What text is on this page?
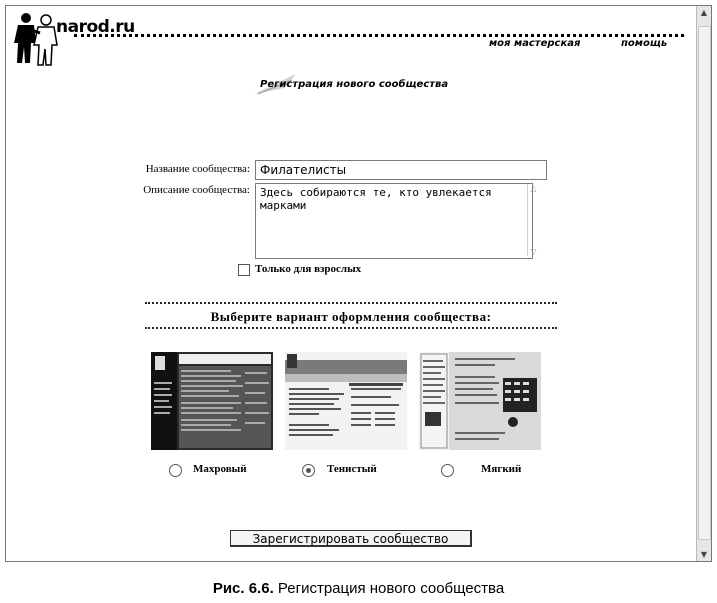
narod.ru
моя мастерская	помощь
Регистрация нового сообщества
Название сообщества:
Филателисты
Описание сообщества:
Здесь собираются те, кто увлекается марками	△
▽
Только для взрослых
Выберите вариант оформления сообщества:
Махровый	Тенистый	Мягкий
Зарегистрировать сообщество
▲
▼
Рис. 6.6. Регистрация нового сообщества
